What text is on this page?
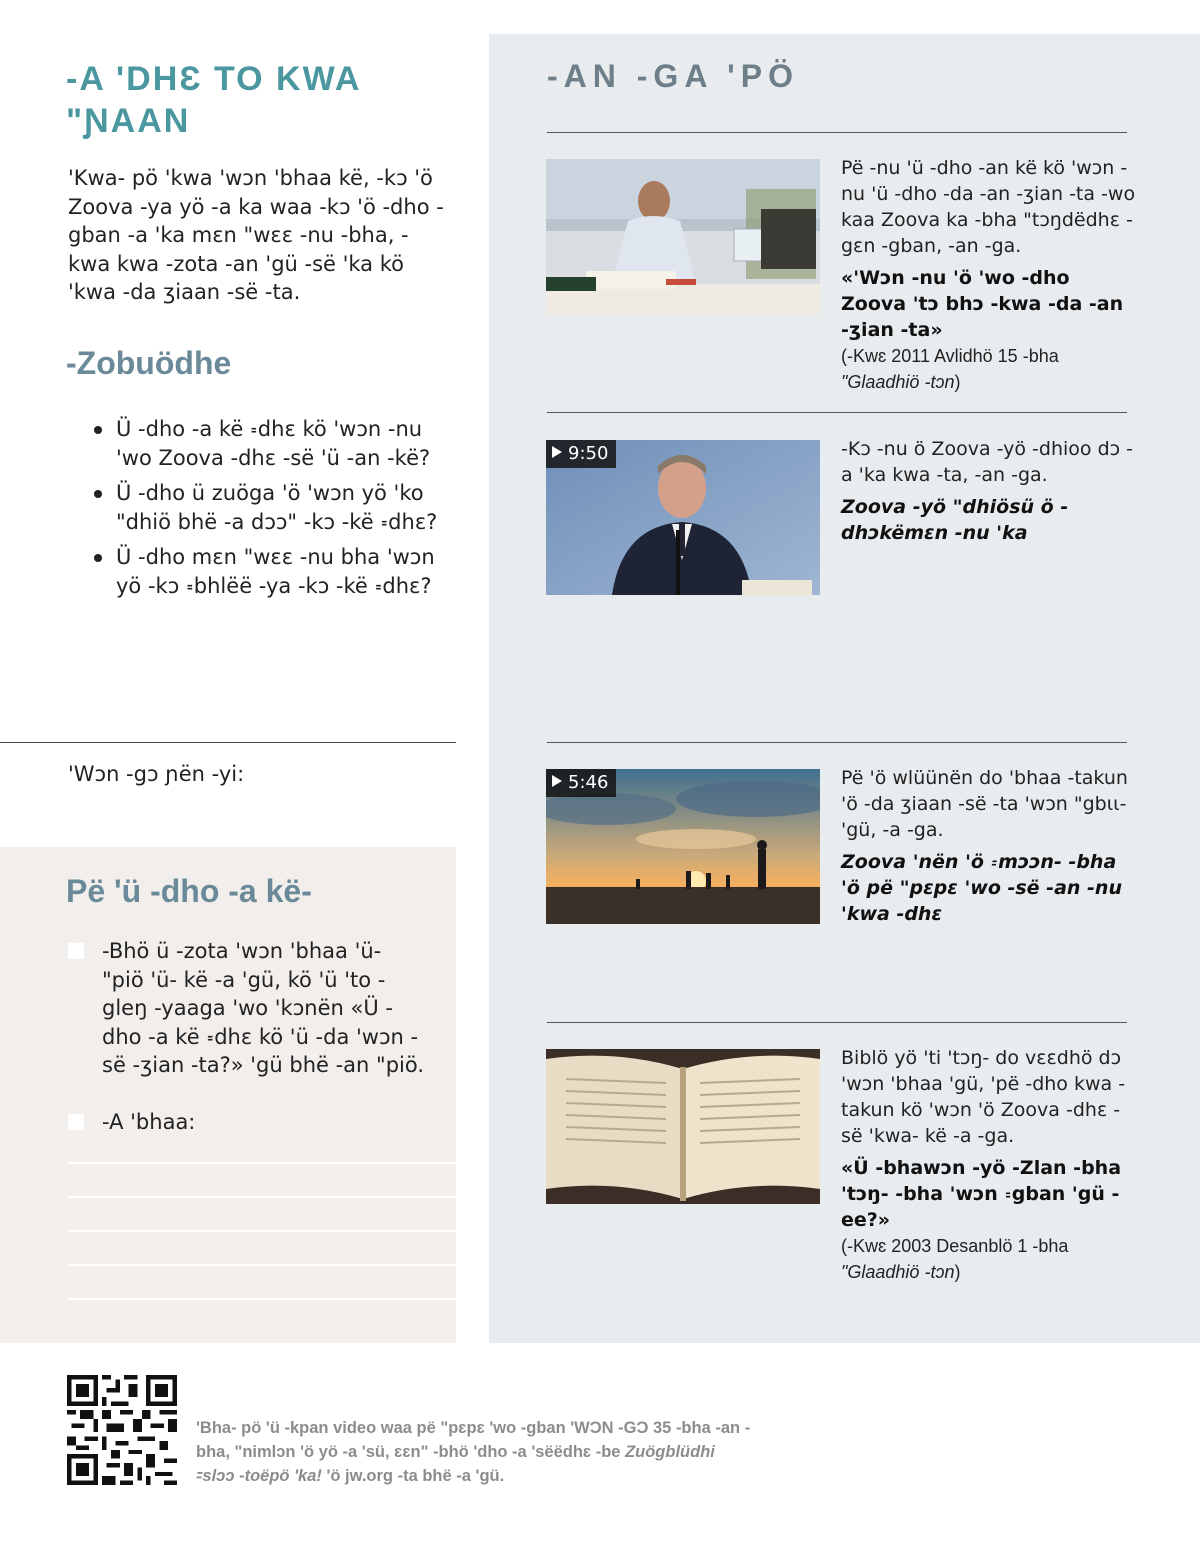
-A 'DHƐ TO KWA "ƝAAN

'Kwa- pö 'kwa 'wɔn 'bhaa kë, -kɔ 'ö Zoova -ya yö -a ka waa -kɔ 'ö -dho -gban -a 'ka mɛn "wɛɛ -nu -bha, -kwa kwa -zota -an 'gü -së 'ka kö 'kwa -da ʒiaan -së -ta.

-Zobuödhe
Ü -dho -a kë ꞊dhɛ kö 'wɔn -nu 'wo Zoova -dhɛ -së 'ü -an -kë?
Ü -dho ü zuöga 'ö 'wɔn yö 'ko "dhiö bhë -a dɔɔ" -kɔ -kë ꞊dhɛ?
Ü -dho mɛn "wɛɛ -nu bha 'wɔn yö -kɔ ꞊bhlëë -ya -kɔ -kë ꞊dhɛ?
'Wɔn -gɔ ɲën -yi:
Pë 'ü -dho -a kë-

-Bhö ü -zota 'wɔn 'bhaa 'ü- "piö 'ü- kë -a 'gü, kö 'ü 'to -gleŋ -yaaga 'wo 'kɔnën «Ü -dho -a kë ꞊dhɛ kö 'ü -da 'wɔn -së -ʒian -ta?» 'gü bhë -an "piö.

-A 'bhaa:

-AN -GA 'PÖ

Pë -nu 'ü -dho -an kë kö 'wɔn -nu 'ü -dho -da -an -ʒian -ta -wo kaa Zoova ka -bha "tɔŋdëdhɛ -gɛn -gban, -an -ga.

«'Wɔn -nu 'ö 'wo -dho Zoova 'tɔ bhɔ -kwa -da -an -ʒian -ta»

(-Kwɛ 2011 Avlidhö 15 -bha
"Glaadhiö -tɔn)

9:50	-Kɔ -nu ö Zoova -yö -dhioo dɔ -a 'ka kwa -ta, -an -ga.

Zoova -yö "dhiösü ö -dhɔkëmɛn -nu 'ka

5:46	Pë 'ö wlüünën do 'bhaa -takun 'ö -da ʒiaan -së -ta 'wɔn "gbɩɩ- 'gü, -a -ga.

Zoova 'nën 'ö ꞊mɔɔn- -bha 'ö pë "pɛpɛ 'wo -së -an -nu 'kwa -dhɛ

Biblö yö 'ti 'tɔŋ- do vɛɛdhö dɔ 'wɔn 'bhaa 'gü, 'pë -dho kwa -takun kö 'wɔn 'ö Zoova -dhɛ -së 'kwa- kë -a -ga.

«Ü -bhawɔn -yö -Zlan -bha 'tɔŋ- -bha 'wɔn ꞊gban 'gü -ee?»

(-Kwɛ 2003 Desanblö 1 -bha
"Glaadhiö -tɔn)

'Bha- pö 'ü -kpan video waa pë "pɛpɛ 'wo -gban 'WƆN -GƆ 35 -bha -an -bha, "nimlɔn 'ö yö -a 'sü, ɛɛn" -bhö 'dho -a 'sëëdhɛ -be Zuögblüdhi ꞊slɔɔ -toëpö 'ka! 'ö jw.org -ta bhë -a 'gü.
